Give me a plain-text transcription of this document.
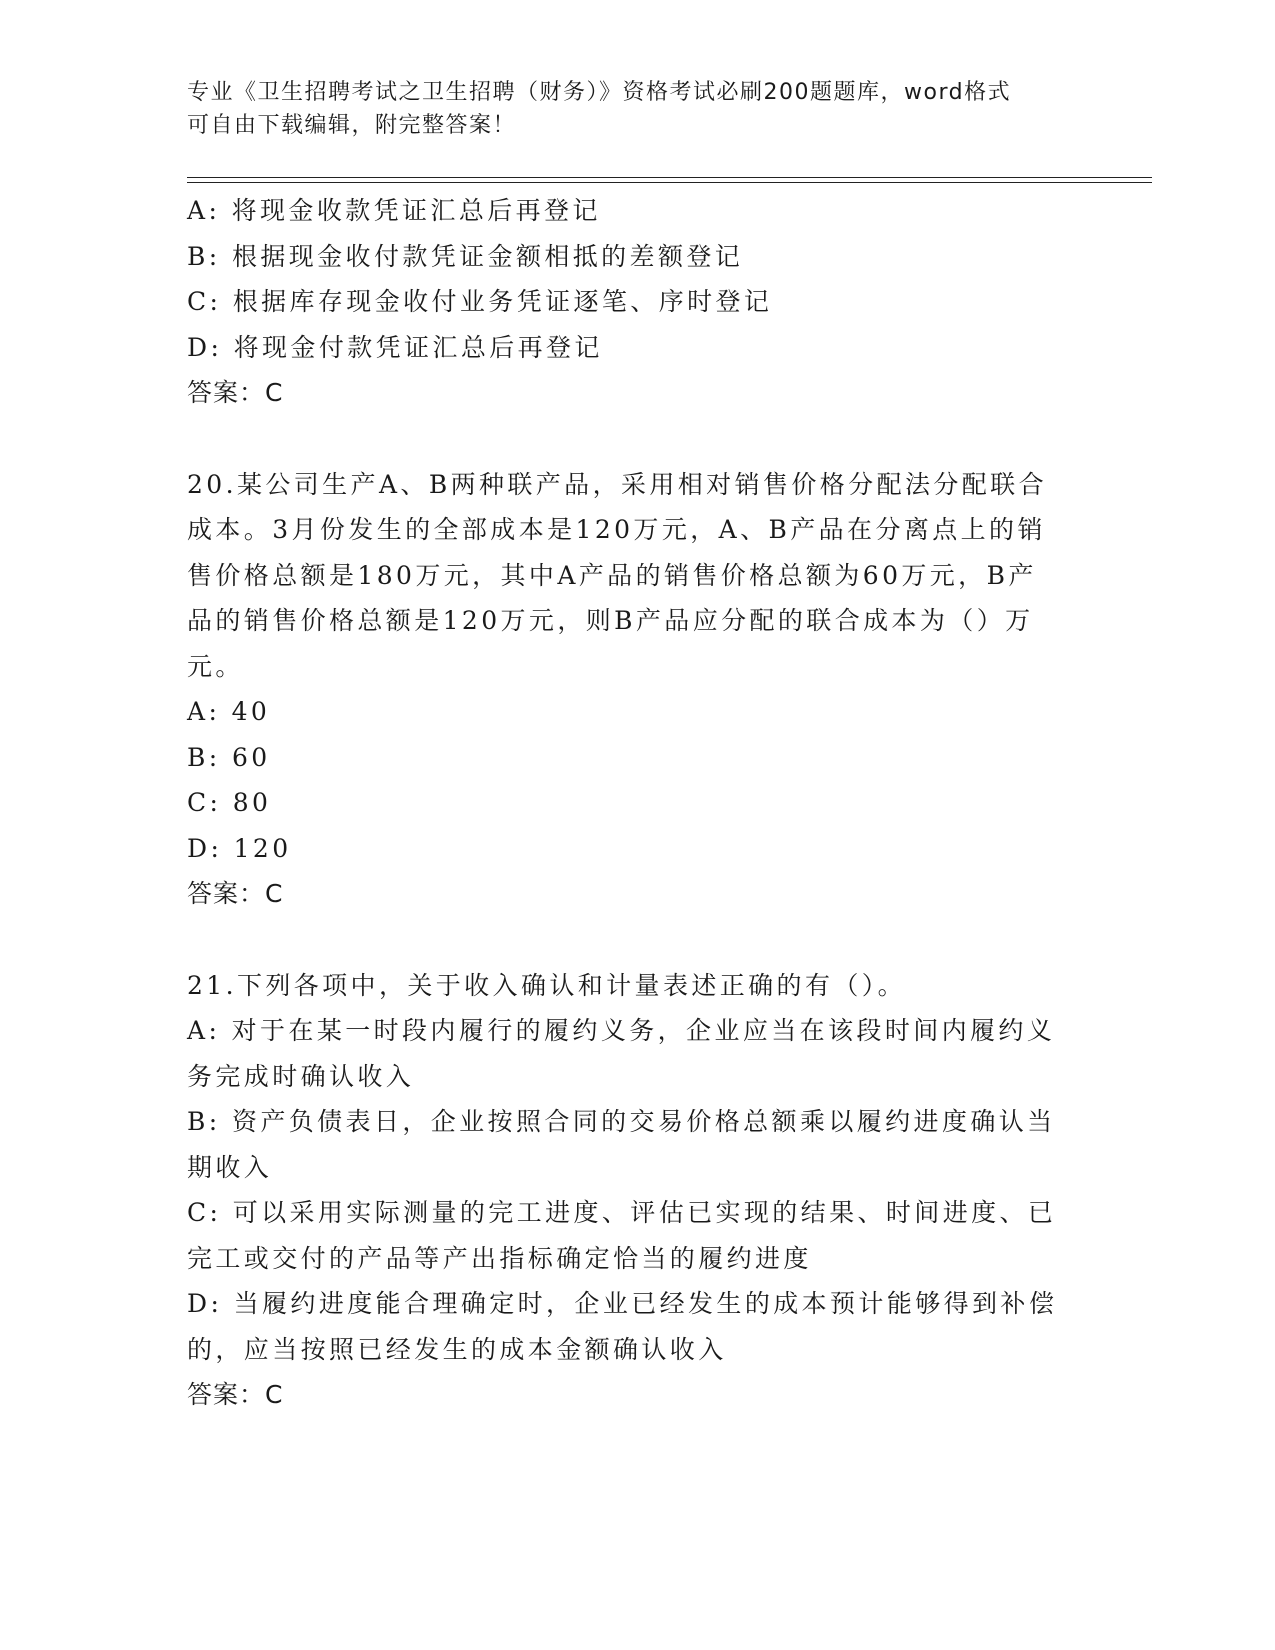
专业《卫生招聘考试之卫生招聘（财务）》资格考试必刷200题题库，word格式
可自由下载编辑，附完整答案！

A: 将现金收款凭证汇总后再登记

B: 根据现金收付款凭证金额相抵的差额登记

C: 根据库存现金收付业务凭证逐笔、序时登记

D: 将现金付款凭证汇总后再登记

答案：C

20.某公司生产A、B两种联产品，采用相对销售价格分配法分配联合

成本。3月份发生的全部成本是120万元，A、B产品在分离点上的销

售价格总额是180万元，其中A产品的销售价格总额为60万元，B产

品的销售价格总额是120万元，则B产品应分配的联合成本为（）万

元。

A: 40

B: 60

C: 80

D: 120

答案：C

21.下列各项中，关于收入确认和计量表述正确的有（）。

A: 对于在某一时段内履行的履约义务，企业应当在该段时间内履约义

务完成时确认收入

B: 资产负债表日，企业按照合同的交易价格总额乘以履约进度确认当

期收入

C: 可以采用实际测量的完工进度、评估已实现的结果、时间进度、已

完工或交付的产品等产出指标确定恰当的履约进度

D: 当履约进度能合理确定时，企业已经发生的成本预计能够得到补偿

的，应当按照已经发生的成本金额确认收入

答案：C
